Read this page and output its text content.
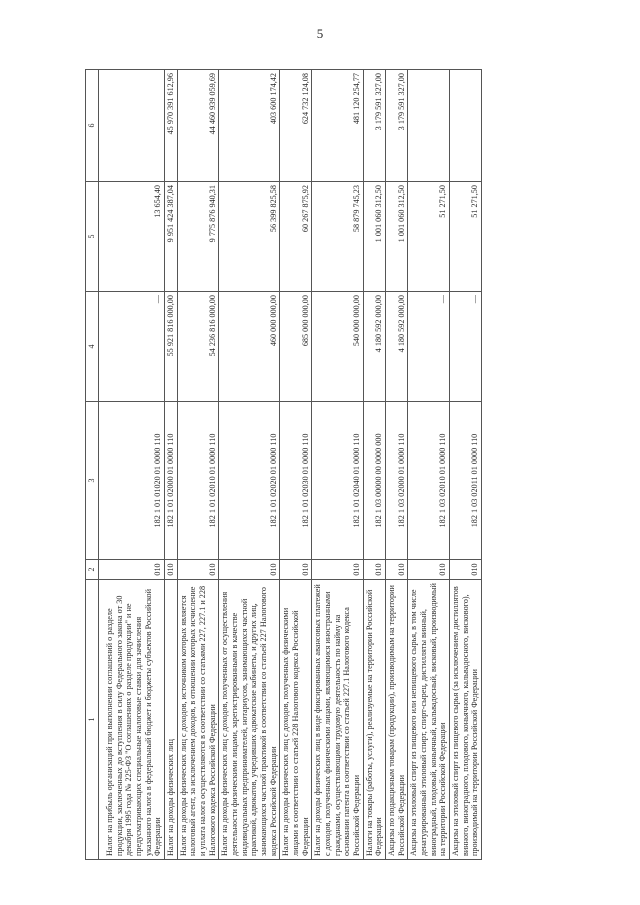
5
1	2	3	4	5	6
Налог на прибыль организаций при выполнении соглашений о разделе продукции, заключенных до вступления в силу Федерального закона от 30 декабря 1995 года № 225-ФЗ "О соглашениях о разделе продукции" и не предусматривающих специальные налоговые ставки для зачисления указанного налога в федеральный бюджет и бюджеты субъектов Российской Федерации	010	182 1 01 01020 01 0000 110	—	13 654,40	
Налог на доходы физических лиц	010	182 1 01 02000 01 0000 110	55 921 816 000,00	9 951 424 387,04	45 970 391 612,96
Налог на доходы физических лиц с доходов, источником которых является налоговый агент, за исключением доходов, в отношении которых исчисление и уплата налога осуществляются в соответствии со статьями 227, 227.1 и 228 Налогового кодекса Российской Федерации	010	182 1 01 02010 01 0000 110	54 236 816 000,00	9 775 876 940,31	44 460 939 059,69
Налог на доходы физических лиц с доходов, полученных от осуществления деятельности физическими лицами, зарегистрированными в качестве индивидуальных предпринимателей, нотариусов, занимающихся частной практикой, адвокатов, учредивших адвокатские кабинеты, и других лиц, занимающихся частной практикой в соответствии со статьей 227 Налогового кодекса Российской Федерации	010	182 1 01 02020 01 0000 110	460 000 000,00	56 399 825,58	403 600 174,42
Налог на доходы физических лиц с доходов, полученных физическими лицами в соответствии со статьей 228 Налогового кодекса Российской Федерации	010	182 1 01 02030 01 0000 110	685 000 000,00	60 267 875,92	624 732 124,08
Налог на доходы физических лиц в виде фиксированных авансовых платежей с доходов, полученных физическими лицами, являющимися иностранными гражданами, осуществляющими трудовую деятельность по найму на основании патента в соответствии со статьей 227.1 Налогового кодекса Российской Федерации	010	182 1 01 02040 01 0000 110	540 000 000,00	58 879 745,23	481 120 254,77
Налоги на товары (работы, услуги), реализуемые на территории Российской Федерации	010	182 1 03 00000 00 0000 000	4 180 592 000,00	1 001 060 312,50	3 179 591 327,00
Акцизы по подакцизным товарам (продукции), производимым на территории Российской Федерации	010	182 1 03 02000 01 0000 110	4 180 592 000,00	1 001 060 312,50	3 179 591 327,00
Акцизы на этиловый спирт из пищевого или непищевого сырья, в том числе денатурированный этиловый спирт, спирт-сырец, дистилляты винный, виноградный, плодовый, коньячный, кальвадосный, висковый, производимый на территории Российской Федерации	010	182 1 03 02010 01 0000 110	—	51 271,50	
Акцизы на этиловый спирт из пищевого сырья (за исключением дистиллятов винного, виноградного, плодового, коньячного, кальвадосного, вискового), производимый на территории Российской Федерации	010	182 1 03 02011 01 0000 110	—	51 271,50	
